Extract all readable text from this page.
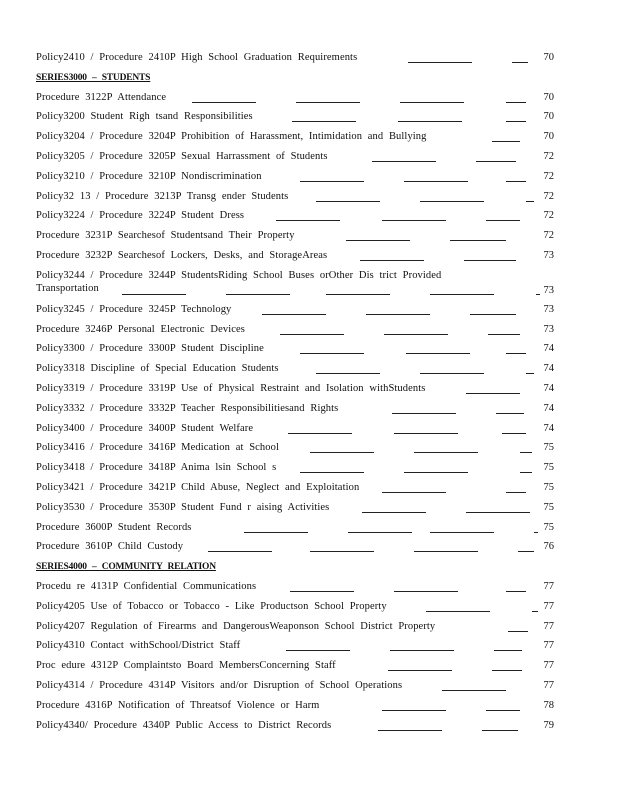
Policy2410 / Procedure 2410P High School Graduation Requirements	70
SERIES3000 – STUDENTS
Procedure 3122P Attendance	70
Policy3200 Student Righ tsand Responsibilities	70
Policy3204 / Procedure 3204P Prohibition of Harassment, Intimidation and Bullying	70
Policy3205 / Procedure 3205P Sexual Harrassment of Students	72
Policy3210 / Procedure 3210P Nondiscrimination	72
Policy32 13 / Procedure 3213P Transg ender Students	72
Policy3224 / Procedure 3224P Student Dress	72
Procedure 3231P Searchesof Studentsand Their Property	72
Procedure 3232P Searchesof Lockers, Desks, and StorageAreas	73
Policy3244 / Procedure 3244P StudentsRiding School Buses orOther Dis trict Provided Transportation	73
Policy3245 / Procedure 3245P Technology	73
Procedure 3246P Personal Electronic Devices	73
Policy3300 / Procedure 3300P Student Discipline	74
Policy3318 Discipline of Special Education Students	74
Policy3319 / Procedure 3319P Use of Physical Restraint and Isolation withStudents	74
Policy3332 / Procedure 3332P Teacher Responsibilitiesand Rights	74
Policy3400 / Procedure 3400P Student Welfare	74
Policy3416 / Procedure 3416P Medication at School	75
Policy3418 / Procedure 3418P Anima lsin School s	75
Policy3421 / Procedure 3421P Child Abuse, Neglect and Exploitation	75
Policy3530 / Procedure 3530P Student Fund r aising Activities	75
Procedure 3600P Student Records	75
Procedure 3610P Child Custody	76
SERIES4000 – COMMUNITY RELATION
Procedu re 4131P Confidential Communications	77
Policy4205 Use of Tobacco or Tobacco - Like Productson School Property	77
Policy4207 Regulation of Firearms and DangerousWeaponson School District Property	77
Policy4310 Contact withSchool/District Staff	77
Proc edure 4312P Complaintsto Board MembersConcerning Staff	77
Policy4314 / Procedure 4314P Visitors and/or Disruption of School Operations	77
Procedure 4316P Notification of Threatsof Violence or Harm	78
Policy4340/ Procedure 4340P Public Access to District Records	79
